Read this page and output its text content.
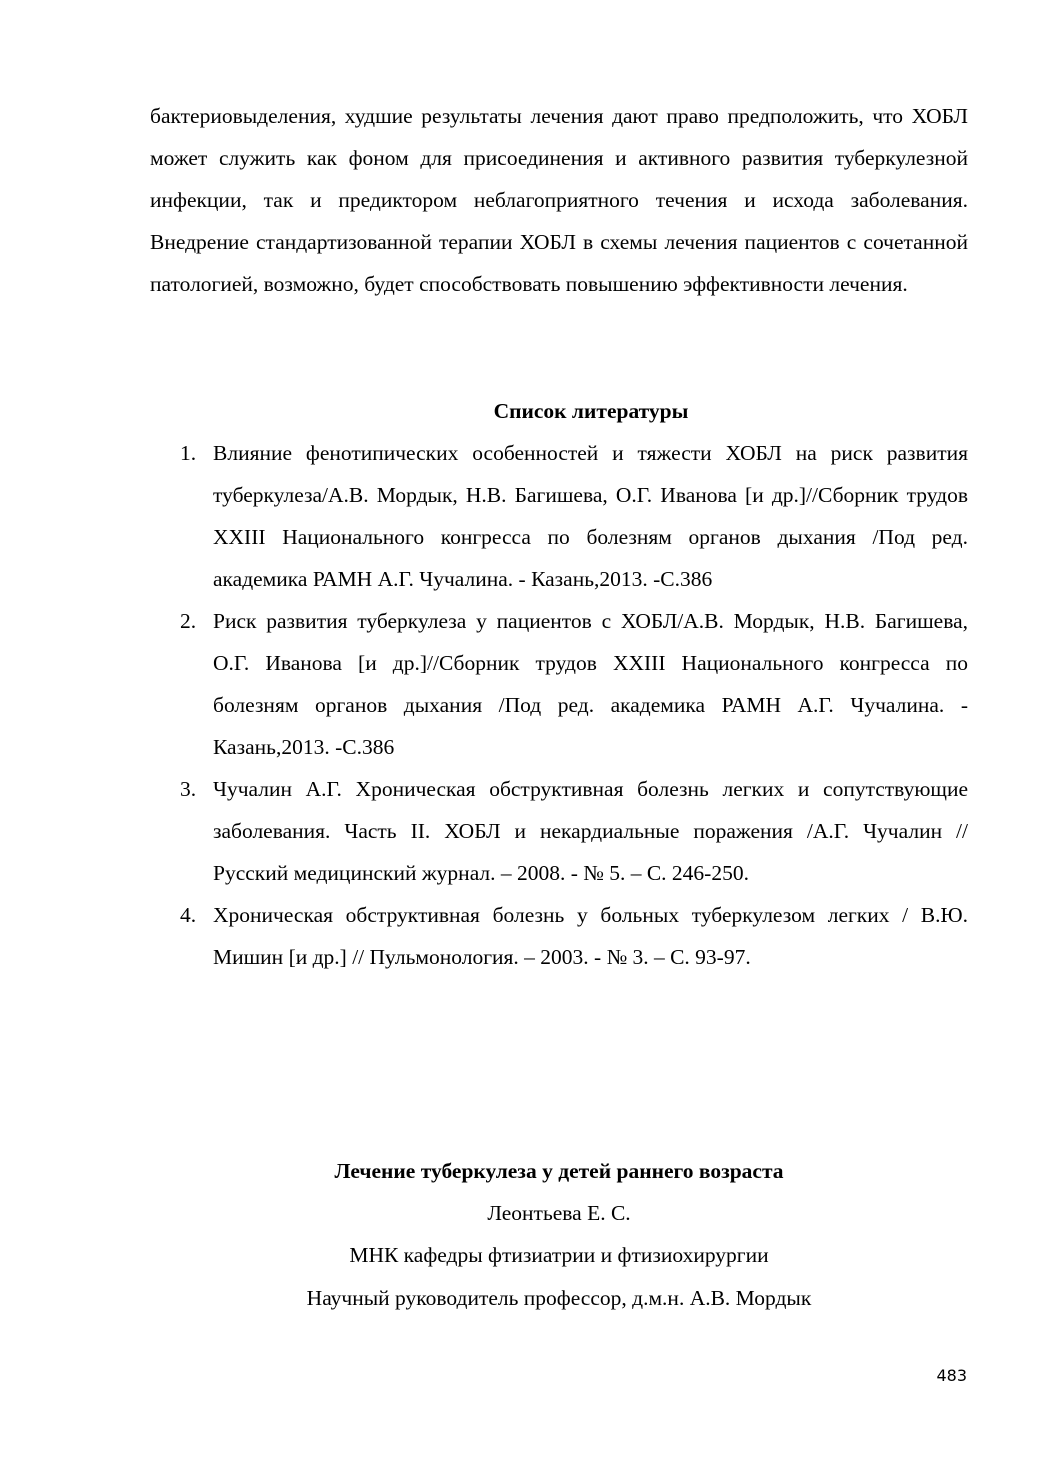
бактериовыделения, худшие результаты лечения дают право предположить, что ХОБЛ может служить как фоном для присоединения и активного развития туберкулезной инфекции, так и предиктором неблагоприятного течения и исхода заболевания. Внедрение стандартизованной терапии ХОБЛ в схемы лечения пациентов с сочетанной патологией, возможно, будет способствовать повышению эффективности лечения.

Список литературы
1. Влияние фенотипических особенностей и тяжести ХОБЛ на риск развития туберкулеза/А.В. Мордык, Н.В. Багишева, О.Г. Иванова [и др.]//Сборник трудов XXIII Национального конгресса по болезням органов дыхания /Под ред. академика РАМН А.Г. Чучалина. - Казань,2013. -С.386
2. Риск развития туберкулеза у пациентов с ХОБЛ/А.В. Мордык, Н.В. Багишева, О.Г. Иванова [и др.]//Сборник трудов XXIII Национального конгресса по болезням органов дыхания /Под ред. академика РАМН А.Г. Чучалина. - Казань,2013. -С.386
3. Чучалин А.Г. Хроническая обструктивная болезнь легких и сопутствующие заболевания. Часть II. ХОБЛ и некардиальные поражения /А.Г. Чучалин // Русский медицинский журнал. – 2008. - № 5. – С. 246-250.
4. Хроническая обструктивная болезнь у больных туберкулезом легких / В.Ю. Мишин [и др.] // Пульмонология. – 2003. - № 3. – С. 93-97.
Лечение туберкулеза у детей раннего возраста
Леонтьева Е. С.
МНК кафедры фтизиатрии и фтизиохирургии
Научный руководитель профессор, д.м.н. А.В. Мордык
483
